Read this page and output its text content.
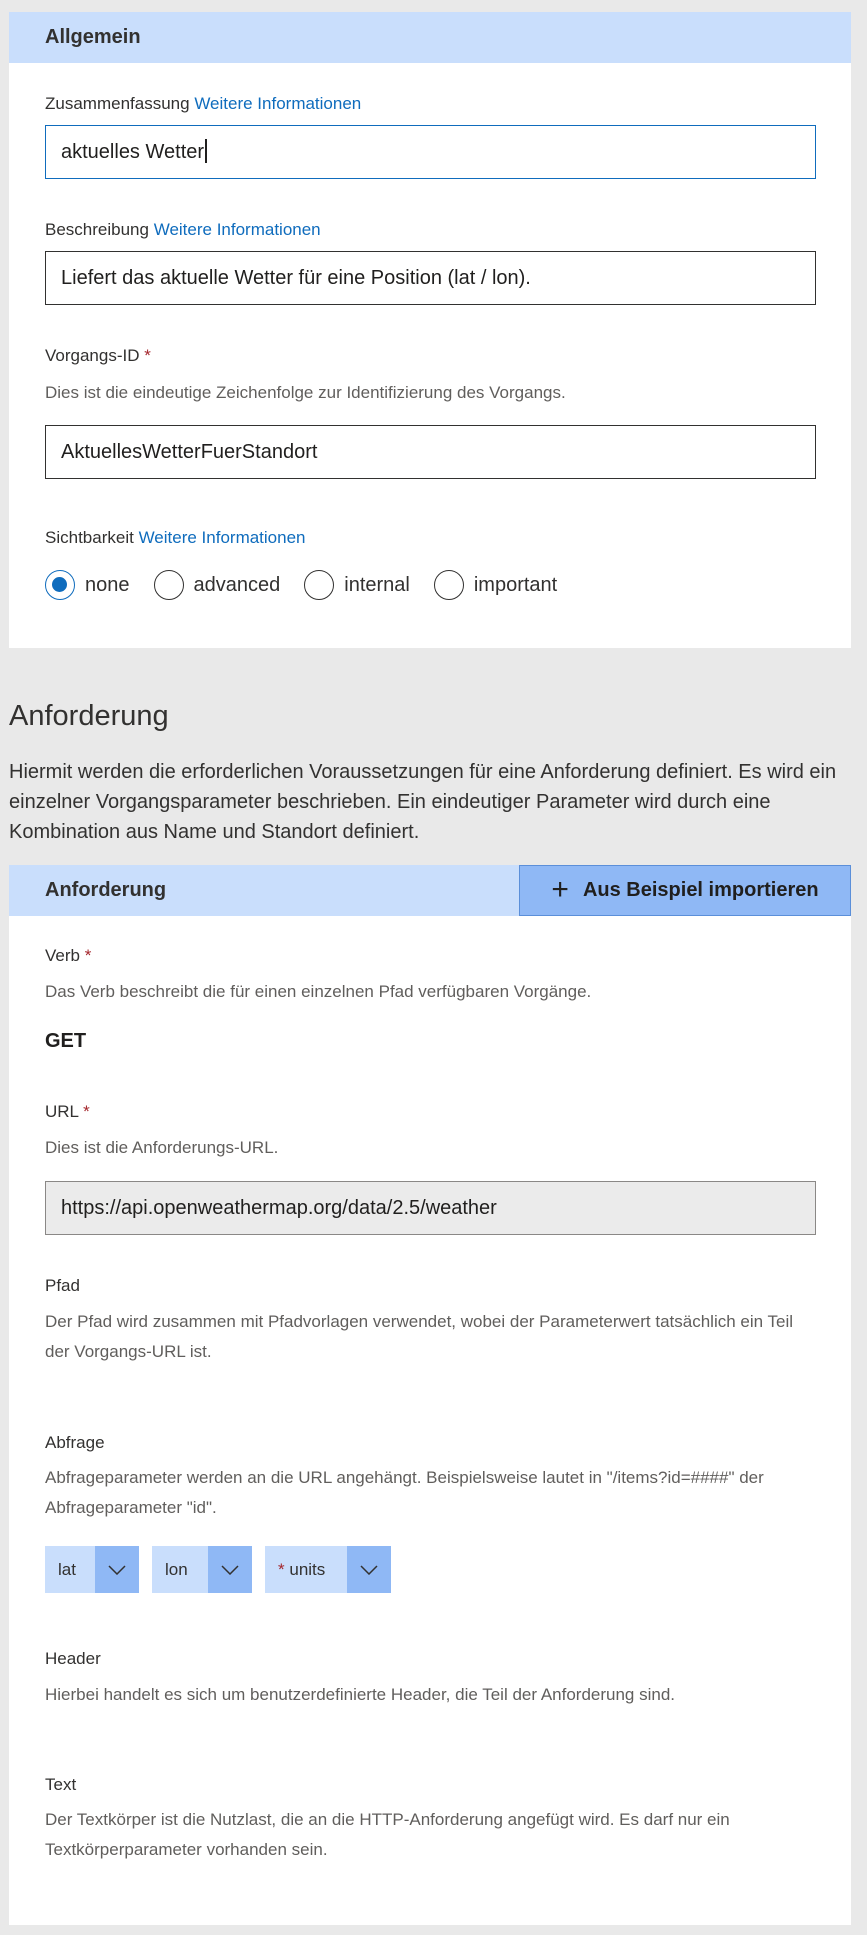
Allgemein
Zusammenfassung Weitere Informationen
aktuelles Wetter
Beschreibung Weitere Informationen
Liefert das aktuelle Wetter für eine Position (lat / lon).
Vorgangs-ID *
Dies ist die eindeutige Zeichenfolge zur Identifizierung des Vorgangs.
AktuellesWetterFuerStandort
Sichtbarkeit Weitere Informationen
none	advanced	internal	important
Anforderung
Hiermit werden die erforderlichen Voraussetzungen für eine Anforderung definiert. Es wird ein einzelner Vorgangsparameter beschrieben. Ein eindeutiger Parameter wird durch eine Kombination aus Name und Standort definiert.
Anforderung	+ Aus Beispiel importieren
Verb *
Das Verb beschreibt die für einen einzelnen Pfad verfügbaren Vorgänge.
GET
URL *
Dies ist die Anforderungs-URL.
https://api.openweathermap.org/data/2.5/weather
Pfad
Der Pfad wird zusammen mit Pfadvorlagen verwendet, wobei der Parameterwert tatsächlich ein Teil der Vorgangs-URL ist.
Abfrage
Abfrageparameter werden an die URL angehängt. Beispielsweise lautet in "/items?id=####" der Abfrageparameter "id".
lat	lon	* units
Header
Hierbei handelt es sich um benutzerdefinierte Header, die Teil der Anforderung sind.
Text
Der Textkörper ist die Nutzlast, die an die HTTP-Anforderung angefügt wird. Es darf nur ein Textkörperparameter vorhanden sein.
